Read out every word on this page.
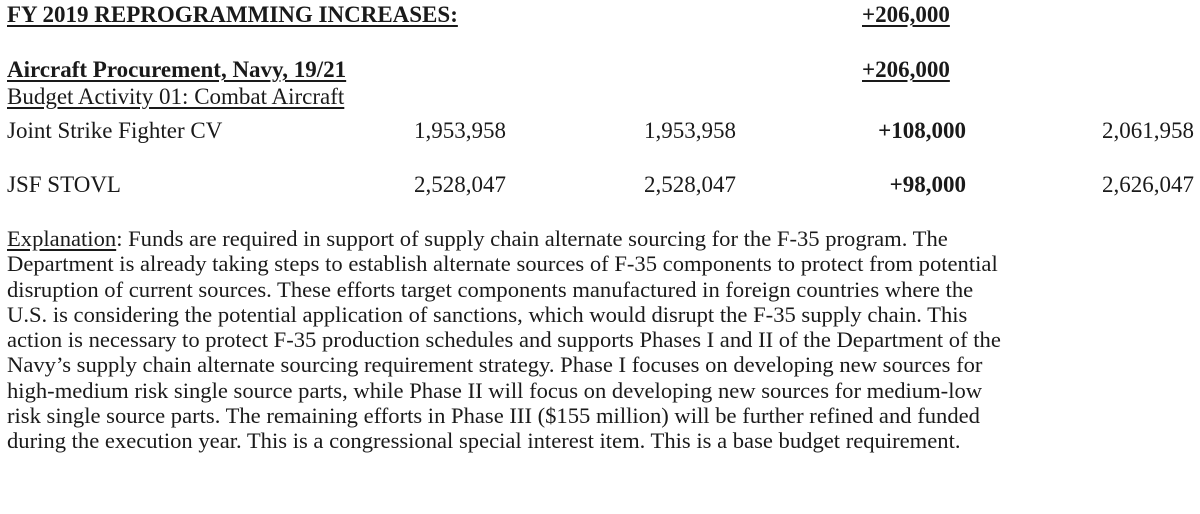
FY 2019 REPROGRAMMING INCREASES:	+206,000
Aircraft Procurement, Navy, 19/21	+206,000
Budget Activity 01: Combat Aircraft
Joint Strike Fighter CV	1,953,958	1,953,958	+108,000	2,061,958
JSF STOVL	2,528,047	2,528,047	+98,000	2,626,047
Explanation: Funds are required in support of supply chain alternate sourcing for the F-35 program. The
Department is already taking steps to establish alternate sources of F-35 components to protect from potential
disruption of current sources. These efforts target components manufactured in foreign countries where the
U.S. is considering the potential application of sanctions, which would disrupt the F-35 supply chain. This
action is necessary to protect F-35 production schedules and supports Phases I and II of the Department of the
Navy’s supply chain alternate sourcing requirement strategy. Phase I focuses on developing new sources for
high-medium risk single source parts, while Phase II will focus on developing new sources for medium-low
risk single source parts. The remaining efforts in Phase III ($155 million) will be further refined and funded
during the execution year. This is a congressional special interest item. This is a base budget requirement.
